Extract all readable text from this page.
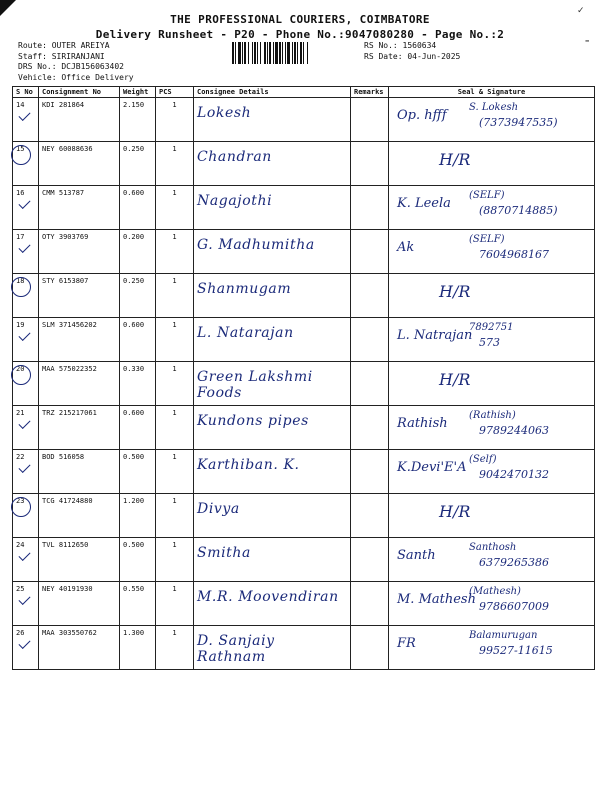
✓
-
THE PROFESSIONAL COURIERS, COIMBATORE
Delivery Runsheet - P20 - Phone No.:9047080280 - Page No.:2
Route: OUTER AREIYA
Staff: SIRIRANJANI
DRS No.: DCJB156063402
Vehicle: Office Delivery
RS No.: 1560634
RS Date: 04-Jun-2025
S No	Consignment No	Weight	PCS	Consignee Details	Remarks	Seal & Signature
14	KDI 281864	2.150	1	Lokesh		Op. hfff
S. Lokesh
(7373947535)

15	NEY 60088636	0.250	1	Chandran		H/R

16	CMM 513787	0.600	1	Nagajothi		K. Leela
(SELF)
(8870714885)

17	OTY 3903769	0.200	1	G. Madhumitha		Ak
(SELF)
7604968167

18	STY 6153807	0.250	1	Shanmugam		H/R

19	SLM 371456202	0.600	1	L. Natarajan		L. Natrajan
7892751
573

20	MAA 575022352	0.330	1	Green Lakshmi Foods		H/R

21	TRZ 215217061	0.600	1	Kundons pipes		Rathish
(Rathish)
9789244063

22	BOD 516058	0.500	1	Karthiban. K.		K.Devi'E'A
(Self)
9042470132

23	TCG 41724880	1.200	1	Divya		H/R

24	TVL 8112650	0.500	1	Smitha		Santh
Santhosh
6379265386

25	NEY 40191930	0.550	1	M.R. Moovendiran		M. Mathesh
(Mathesh)
9786607009

26	MAA 303550762	1.300	1	D. Sanjaiy Rathnam		FR
Balamurugan
99527-11615
